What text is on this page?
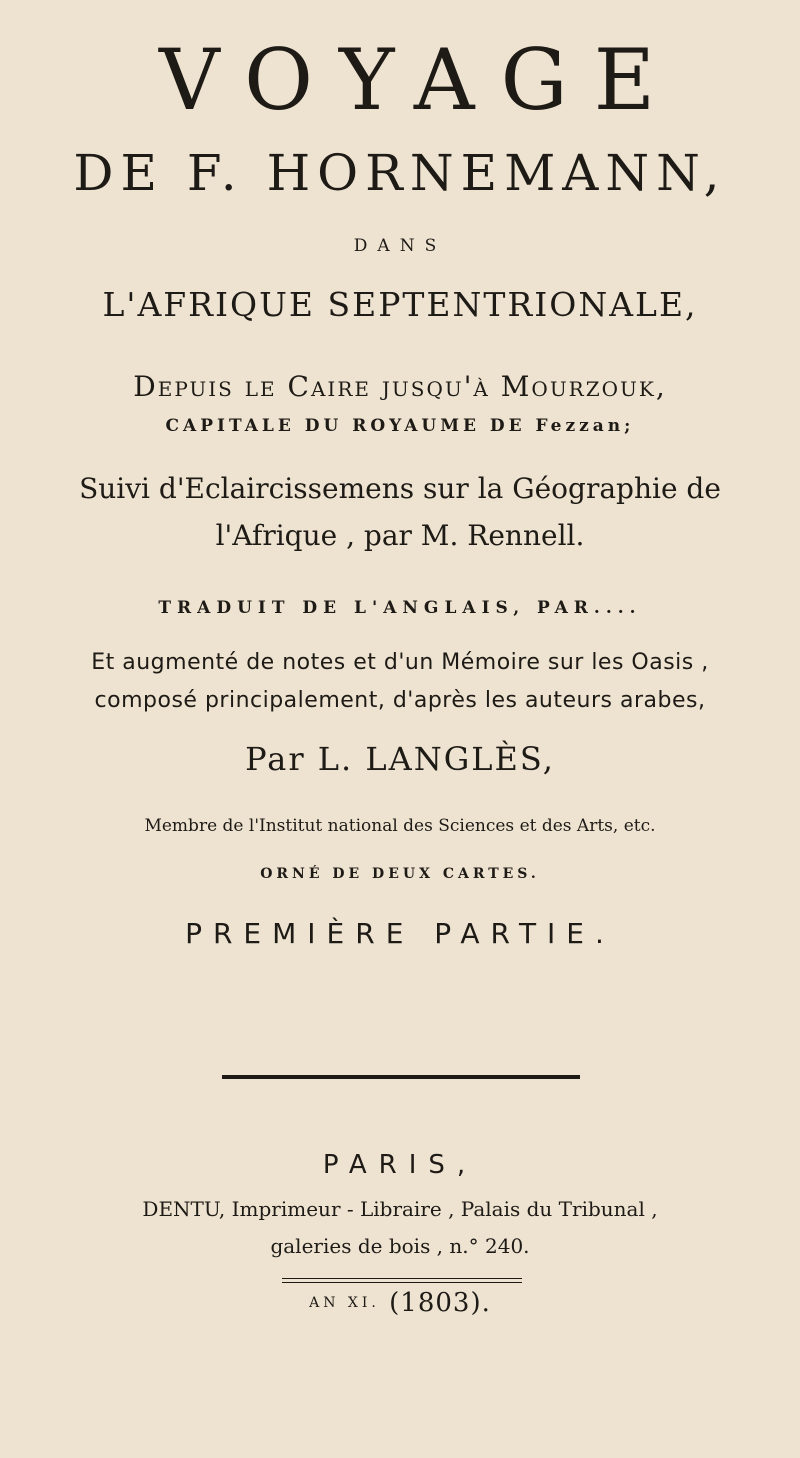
VOYAGE
DE F. HORNEMANN,
DANS
L'AFRIQUE SEPTENTRIONALE,
Depuis le Caire jusqu'à Mourzouk,
CAPITALE DU ROYAUME DE Fezzan;
Suivi d'Eclaircissemens sur la Géographie de
l'Afrique , par M. Rennell.
TRADUIT DE L'ANGLAIS, PAR....
Et augmenté de notes et d'un Mémoire sur les Oasis ,
composé principalement, d'après les auteurs arabes,
Par L. LANGLÈS,
Membre de l'Institut national des Sciences et des Arts, etc.
ORNÉ DE DEUX CARTES.
PREMIÈRE PARTIE.
PARIS,
DENTU, Imprimeur - Libraire , Palais du Tribunal ,
galeries de bois , n.° 240.
AN XI. (1803).
